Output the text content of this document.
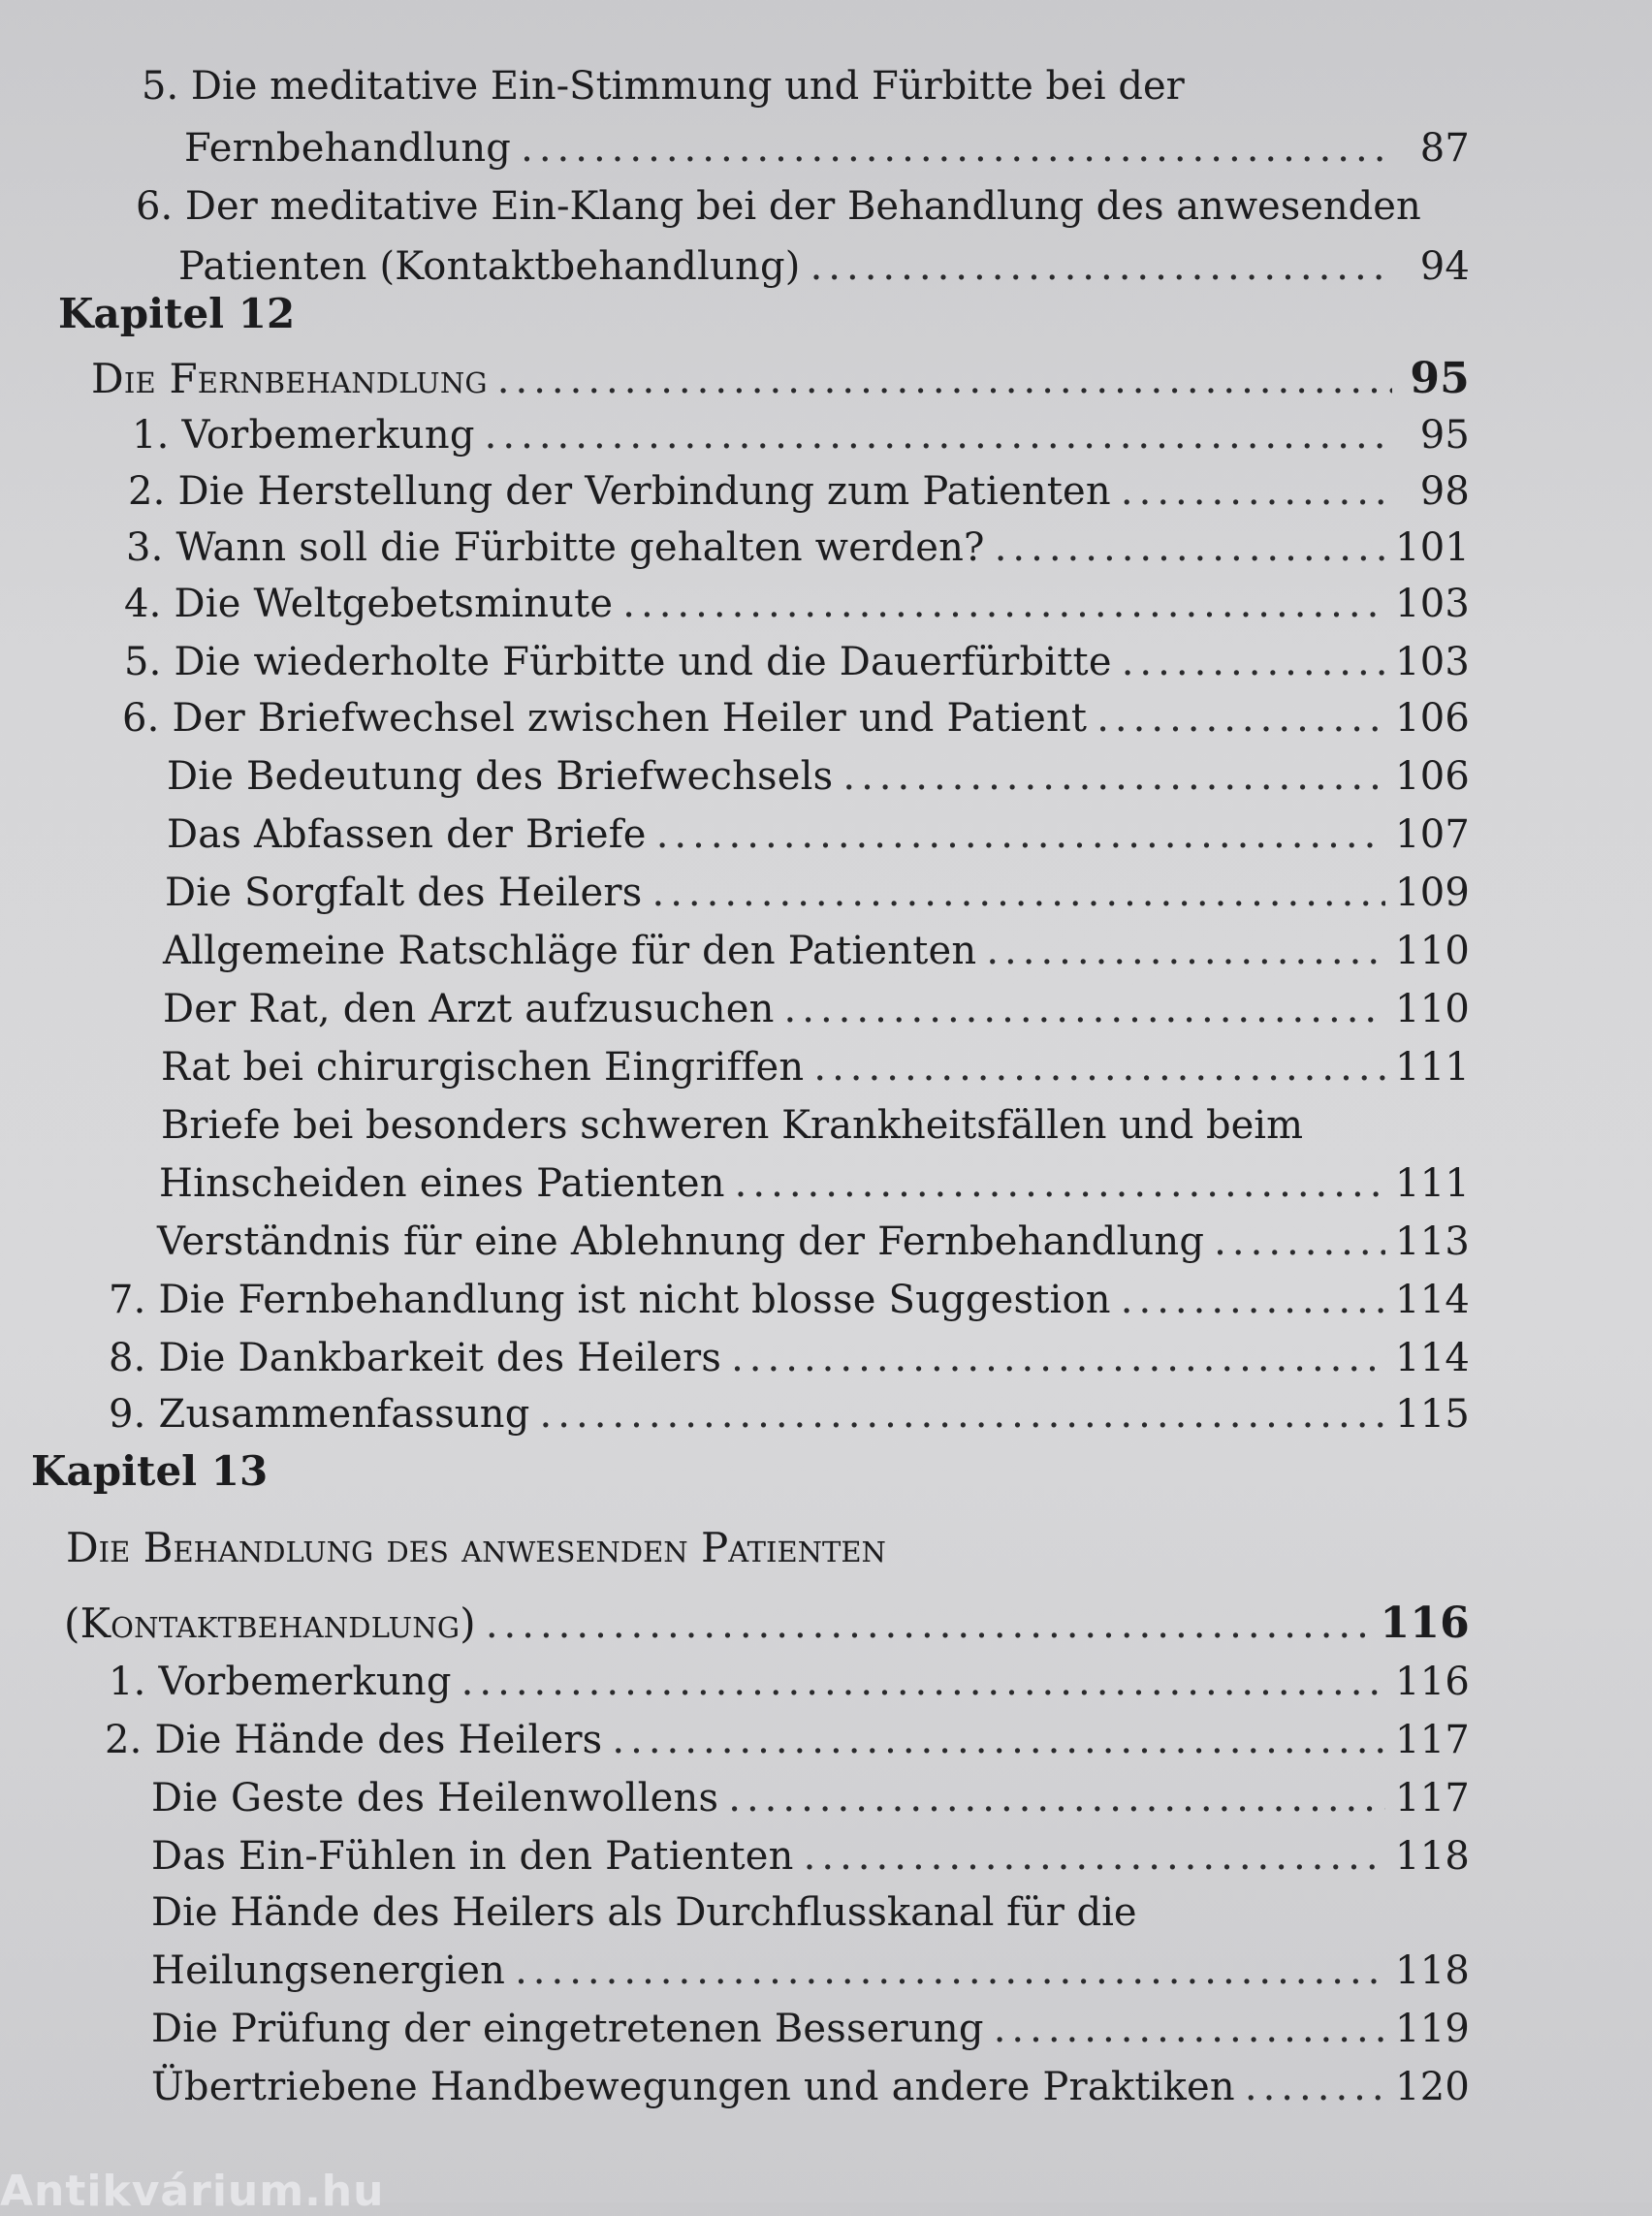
5. Die meditative Ein-Stimmung und Fürbitte bei der
Fernbehandlung .....	87
6. Der meditative Ein-Klang bei der Behandlung des anwesenden
Patienten (Kontaktbehandlung) .....	94
Kapitel 12
Die Fernbehandlung .....	95
1. Vorbemerkung .....	95
2. Die Herstellung der Verbindung zum Patienten .....	98
3. Wann soll die Fürbitte gehalten werden? .....	101
4. Die Weltgebetsminute .....	103
5. Die wiederholte Fürbitte und die Dauerfürbitte .....	103
6. Der Briefwechsel zwischen Heiler und Patient .....	106
Die Bedeutung des Briefwechsels .....	106
Das Abfassen der Briefe .....	107
Die Sorgfalt des Heilers .....	109
Allgemeine Ratschläge für den Patienten .....	110
Der Rat, den Arzt aufzusuchen .....	110
Rat bei chirurgischen Eingriffen .....	111
Briefe bei besonders schweren Krankheitsfällen und beim
Hinscheiden eines Patienten .....	111
Verständnis für eine Ablehnung der Fernbehandlung .....	113
7. Die Fernbehandlung ist nicht blosse Suggestion .....	114
8. Die Dankbarkeit des Heilers .....	114
9. Zusammenfassung .....	115
Kapitel 13
Die Behandlung des anwesenden Patienten
(Kontaktbehandlung) .....	116
1. Vorbemerkung .....	116
2. Die Hände des Heilers .....	117
Die Geste des Heilenwollens .....	117
Das Ein-Fühlen in den Patienten .....	118
Die Hände des Heilers als Durchflusskanal für die
Heilungsenergien .....	118
Die Prüfung der eingetretenen Besserung .....	119
Übertriebene Handbewegungen und andere Praktiken .....	120
Antikvárium.hu
